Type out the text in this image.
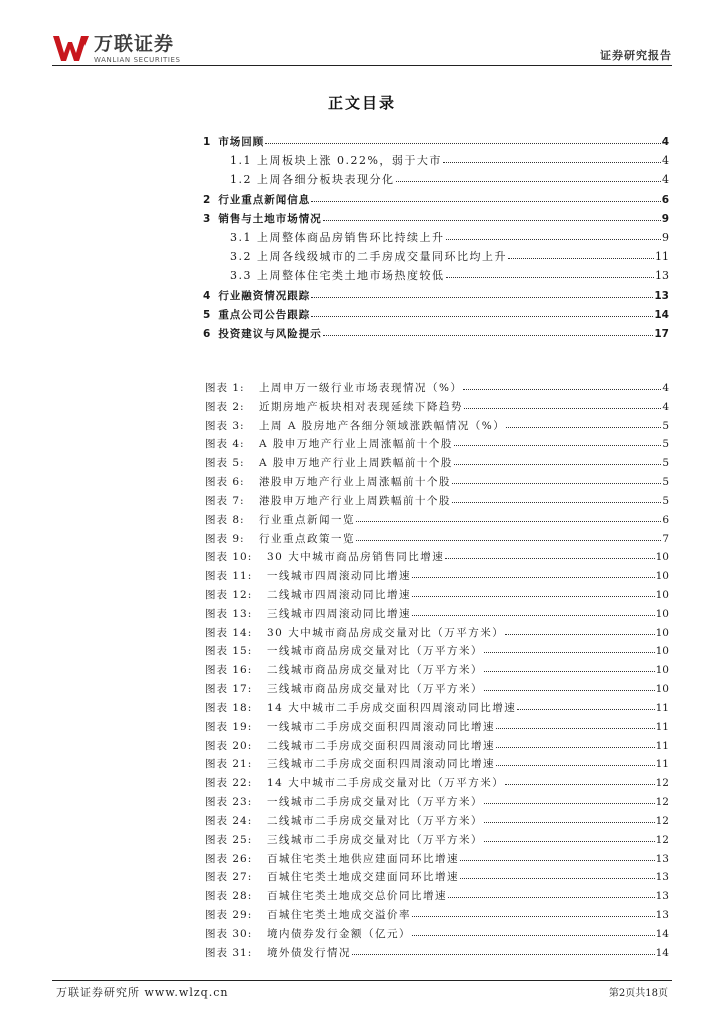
万联证券
WANLIAN SECURITIES	证券研究报告
正文目录
1 市场回顾	4
1.1 上周板块上涨 0.22%，弱于大市	4
1.2 上周各细分板块表现分化	4
2 行业重点新闻信息	6
3 销售与土地市场情况	9
3.1 上周整体商品房销售环比持续上升	9
3.2 上周各线级城市的二手房成交量同环比均上升	11
3.3 上周整体住宅类土地市场热度较低	13
4 行业融资情况跟踪	13
5 重点公司公告跟踪	14
6 投资建议与风险提示	17
图表 1:	上周申万一级行业市场表现情况（%）	4
图表 2:	近期房地产板块相对表现延续下降趋势	4
图表 3:	上周 A 股房地产各细分领域涨跌幅情况（%）	5
图表 4:	A 股申万地产行业上周涨幅前十个股	5
图表 5:	A 股申万地产行业上周跌幅前十个股	5
图表 6:	港股申万地产行业上周涨幅前十个股	5
图表 7:	港股申万地产行业上周跌幅前十个股	5
图表 8:	行业重点新闻一览	6
图表 9:	行业重点政策一览	7
图表 10:	30 大中城市商品房销售同比增速	10
图表 11:	一线城市四周滚动同比增速	10
图表 12:	二线城市四周滚动同比增速	10
图表 13:	三线城市四周滚动同比增速	10
图表 14:	30 大中城市商品房成交量对比（万平方米）	10
图表 15:	一线城市商品房成交量对比（万平方米）	10
图表 16:	二线城市商品房成交量对比（万平方米）	10
图表 17:	三线城市商品房成交量对比（万平方米）	10
图表 18:	14 大中城市二手房成交面积四周滚动同比增速	11
图表 19:	一线城市二手房成交面积四周滚动同比增速	11
图表 20:	二线城市二手房成交面积四周滚动同比增速	11
图表 21:	三线城市二手房成交面积四周滚动同比增速	11
图表 22:	14 大中城市二手房成交量对比（万平方米）	12
图表 23:	一线城市二手房成交量对比（万平方米）	12
图表 24:	二线城市二手房成交量对比（万平方米）	12
图表 25:	三线城市二手房成交量对比（万平方米）	12
图表 26:	百城住宅类土地供应建面同环比增速	13
图表 27:	百城住宅类土地成交建面同环比增速	13
图表 28:	百城住宅类土地成交总价同比增速	13
图表 29:	百城住宅类土地成交溢价率	13
图表 30:	境内债券发行金额（亿元）	14
图表 31:	境外债发行情况	14
万联证券研究所 www.wlzq.cn	第2页共18页
